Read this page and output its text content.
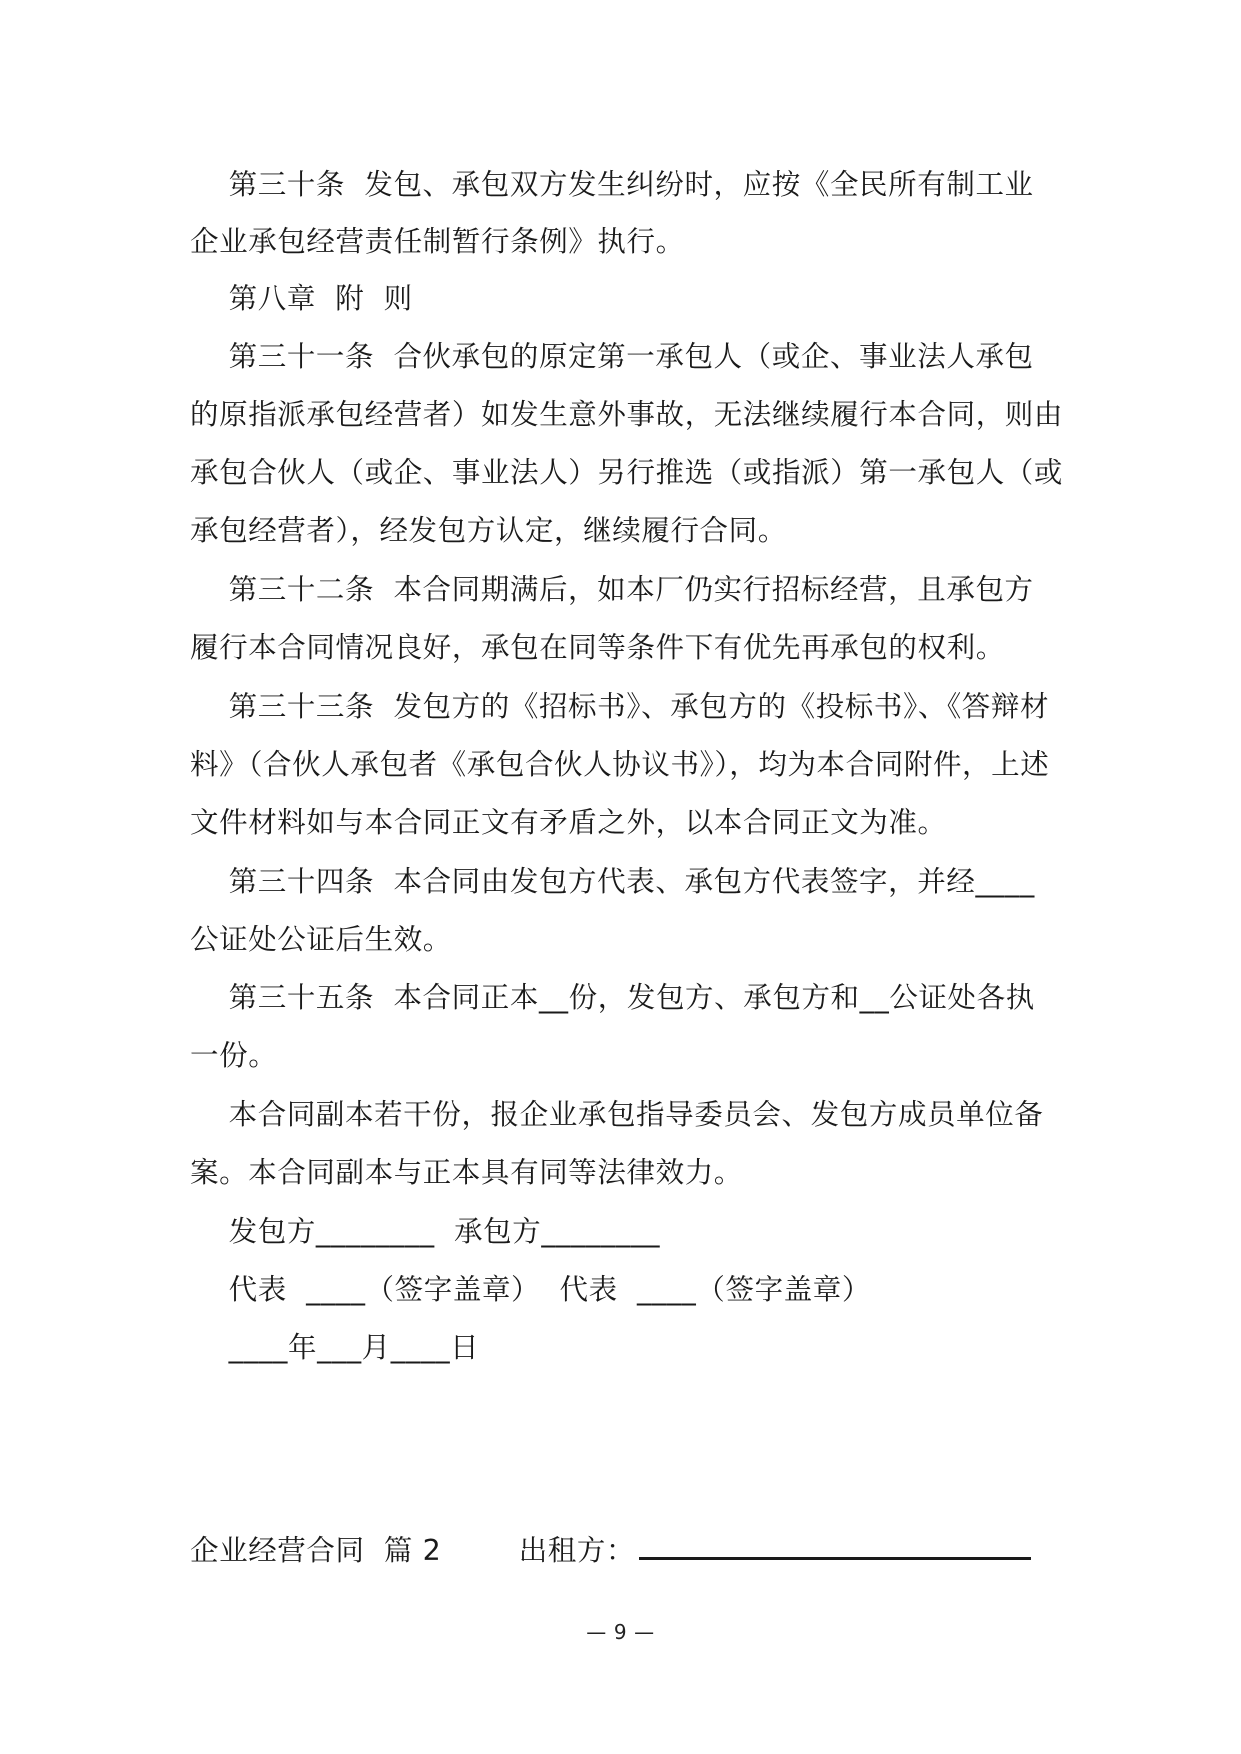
第三十条  发包、承包双方发生纠纷时，应按《全民所有制工业
企业承包经营责任制暂行条例》执行。
第八章  附  则
第三十一条  合伙承包的原定第一承包人（或企、事业法人承包
的原指派承包经营者）如发生意外事故，无法继续履行本合同，则由
承包合伙人（或企、事业法人）另行推选（或指派）第一承包人（或
承包经营者），经发包方认定，继续履行合同。
第三十二条  本合同期满后，如本厂仍实行招标经营，且承包方
履行本合同情况良好，承包在同等条件下有优先再承包的权利。
第三十三条  发包方的《招标书》、承包方的《投标书》、《答辩材
料》（合伙人承包者《承包合伙人协议书》），均为本合同附件，上述
文件材料如与本合同正文有矛盾之外，以本合同正文为准。
第三十四条  本合同由发包方代表、承包方代表签字，并经____
公证处公证后生效。
第三十五条  本合同正本__份，发包方、承包方和__公证处各执
一份。
本合同副本若干份，报企业承包指导委员会、发包方成员单位备
案。本合同副本与正本具有同等法律效力。
发包方________  承包方________
代表  ____（签字盖章）  代表  ____（签字盖章）
____年___月____日
企业经营合同  篇 2	出租方：
— 9 —
